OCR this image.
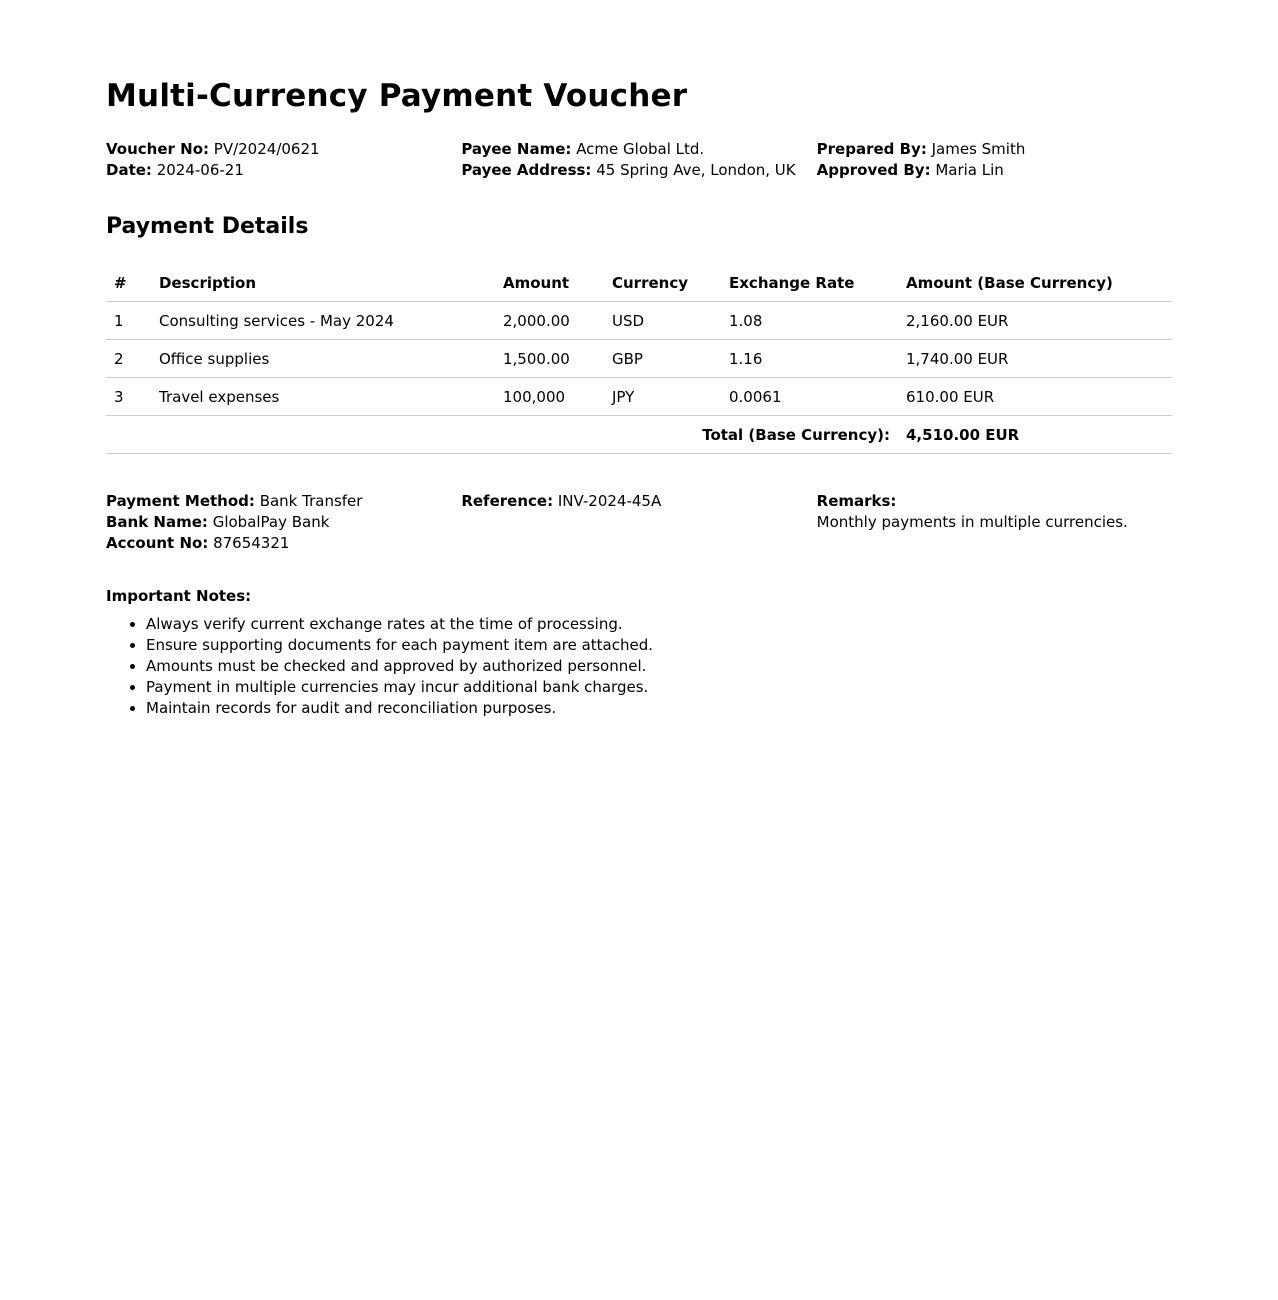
Multi-Currency Payment Voucher
Voucher No: PV/2024/0621
Date: 2024-06-21
Payee Name: Acme Global Ltd.
Payee Address: 45 Spring Ave, London, UK
Prepared By: James Smith
Approved By: Maria Lin
Payment Details
#	Description	Amount	Currency	Exchange Rate	Amount (Base Currency)
1	Consulting services - May 2024	2,000.00	USD	1.08	2,160.00 EUR
2	Office supplies	1,500.00	GBP	1.16	1,740.00 EUR
3	Travel expenses	100,000	JPY	0.0061	610.00 EUR
Total (Base Currency):					4,510.00 EUR
Payment Method: Bank Transfer
Bank Name: GlobalPay Bank
Account No: 87654321
Reference: INV-2024-45A	Remarks:
Monthly payments in multiple currencies.
Important Notes:
• Always verify current exchange rates at the time of processing.
• Ensure supporting documents for each payment item are attached.
• Amounts must be checked and approved by authorized personnel.
• Payment in multiple currencies may incur additional bank charges.
• Maintain records for audit and reconciliation purposes.
